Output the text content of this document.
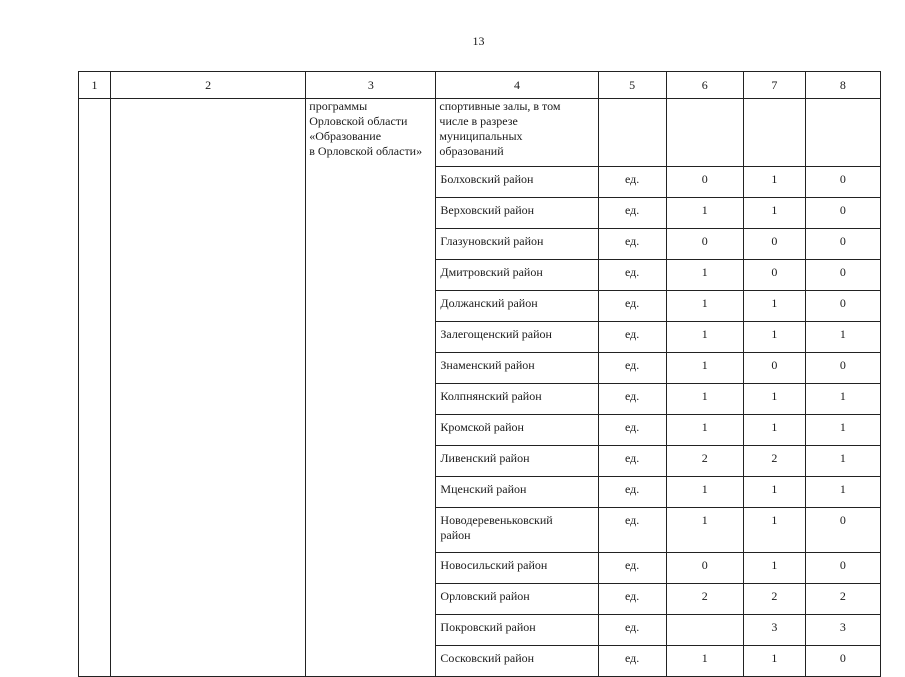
13
1	2	3	4	5	6	7	8
		программы
Орловской области
«Образование
в Орловской области»	спортивные залы, в том
числе в разрезе
муниципальных
образований				
			Болховский район	ед.	0	1	0
			Верховский район	ед.	1	1	0
			Глазуновский район	ед.	0	0	0
			Дмитровский район	ед.	1	0	0
			Должанский район	ед.	1	1	0
			Залегощенский район	ед.	1	1	1
			Знаменский район	ед.	1	0	0
			Колпнянский район	ед.	1	1	1
			Кромской район	ед.	1	1	1
			Ливенский район	ед.	2	2	1
			Мценский район	ед.	1	1	1
			Новодеревеньковский
район	ед.	1	1	0
			Новосильский район	ед.	0	1	0
			Орловский район	ед.	2	2	2
			Покровский район	ед.		3	3
			Сосковский район	ед.	1	1	0
